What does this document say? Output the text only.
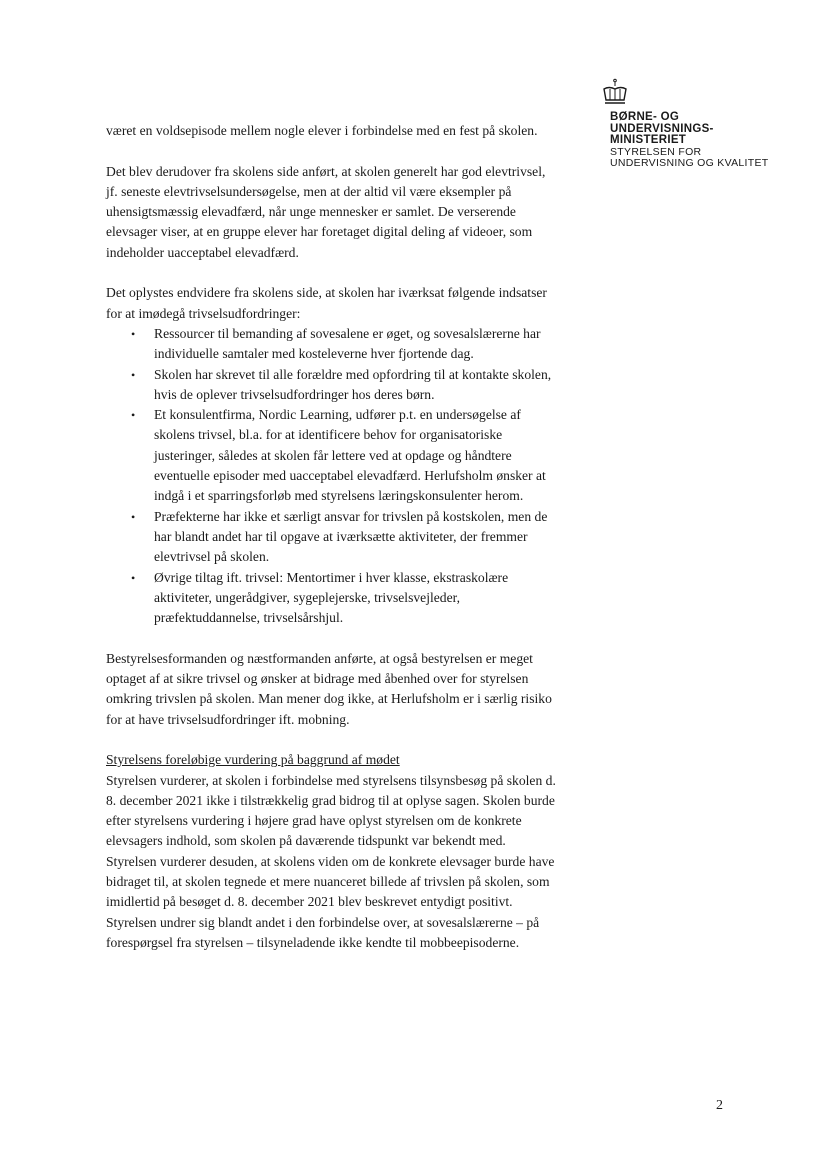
BØRNE- OG
UNDERVISNINGS-
MINISTERIET
STYRELSEN FOR
UNDERVISNING OG KVALITET

været en voldsepisode mellem nogle elever i forbindelse med en fest på skolen.

Det blev derudover fra skolens side anført, at skolen generelt har god elevtrivsel, jf. seneste elevtrivselsundersøgelse, men at der altid vil være eksempler på uhensigtsmæssig elevadfærd, når unge mennesker er samlet. De verserende elevsager viser, at en gruppe elever har foretaget digital deling af videoer, som indeholder uacceptabel elevadfærd.

Det oplystes endvidere fra skolens side, at skolen har iværksat følgende indsatser for at imødegå trivselsudfordringer:

• Ressourcer til bemanding af sovesalene er øget, og sovesalslærerne har individuelle samtaler med kosteleverne hver fjortende dag.
• Skolen har skrevet til alle forældre med opfordring til at kontakte skolen, hvis de oplever trivselsudfordringer hos deres børn.
• Et konsulentfirma, Nordic Learning, udfører p.t. en undersøgelse af skolens trivsel, bl.a. for at identificere behov for organisatoriske justeringer, således at skolen får lettere ved at opdage og håndtere eventuelle episoder med uacceptabel elevadfærd. Herlufsholm ønsker at indgå i et sparringsforløb med styrelsens læringskonsulenter herom.
• Præfekterne har ikke et særligt ansvar for trivslen på kostskolen, men de har blandt andet har til opgave at iværksætte aktiviteter, der fremmer elevtrivsel på skolen.
• Øvrige tiltag ift. trivsel: Mentortimer i hver klasse, ekstraskolære aktiviteter, ungerådgiver, sygeplejerske, trivselsvejleder, præfektuddannelse, trivselsårshjul.

Bestyrelsesformanden og næstformanden anførte, at også bestyrelsen er meget optaget af at sikre trivsel og ønsker at bidrage med åbenhed over for styrelsen omkring trivslen på skolen. Man mener dog ikke, at Herlufsholm er i særlig risiko for at have trivselsudfordringer ift. mobning.

Styrelsens foreløbige vurdering på baggrund af mødet
Styrelsen vurderer, at skolen i forbindelse med styrelsens tilsynsbesøg på skolen d. 8. december 2021 ikke i tilstrækkelig grad bidrog til at oplyse sagen. Skolen burde efter styrelsens vurdering i højere grad have oplyst styrelsen om de konkrete elevsagers indhold, som skolen på daværende tidspunkt var bekendt med. Styrelsen vurderer desuden, at skolens viden om de konkrete elevsager burde have bidraget til, at skolen tegnede et mere nuanceret billede af trivslen på skolen, som imidlertid på besøget d. 8. december 2021 blev beskrevet entydigt positivt. Styrelsen undrer sig blandt andet i den forbindelse over, at sovesalslærerne – på forespørgsel fra styrelsen – tilsyneladende ikke kendte til mobbeepisoderne.

2
